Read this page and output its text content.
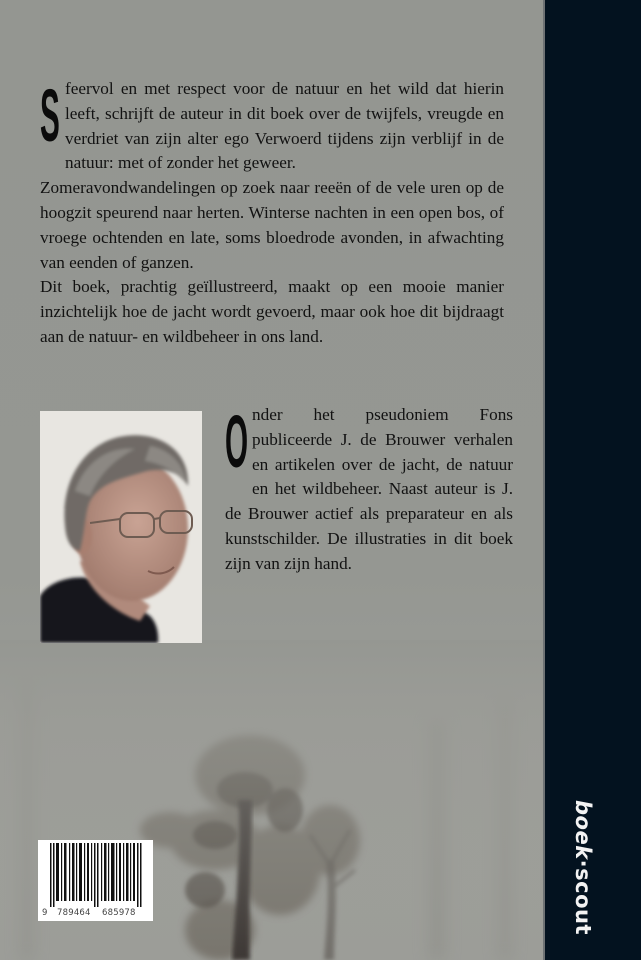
Sfeervol en met respect voor de natuur en het wild dat hierin leeft, schrijft de auteur in dit boek over de twijfels, vreugde en verdriet van zijn alter ego Verwoerd tijdens zijn verblijf in de natuur: met of zonder het geweer.

Zomeravondwandelingen op zoek naar reeën of de vele uren op de hoogzit speurend naar herten. Winterse nachten in een open bos, of vroege ochtenden en late, soms bloedrode avonden, in afwachting van eenden of ganzen.

Dit boek, prachtig geïllustreerd, maakt op een mooie manier inzichtelijk hoe de jacht wordt gevoerd, maar ook hoe dit bijdraagt aan de natuur- en wildbeheer in ons land.

Onder het pseudoniem Fons publiceerde J. de Brouwer verhalen en artikelen over de jacht, de natuur en het wildbeheer. Naast auteur is J. de Brouwer actief als preparateur en als kunstschilder. De illustraties in dit boek zijn van zijn hand.

9 789464 685978
boek·scout
